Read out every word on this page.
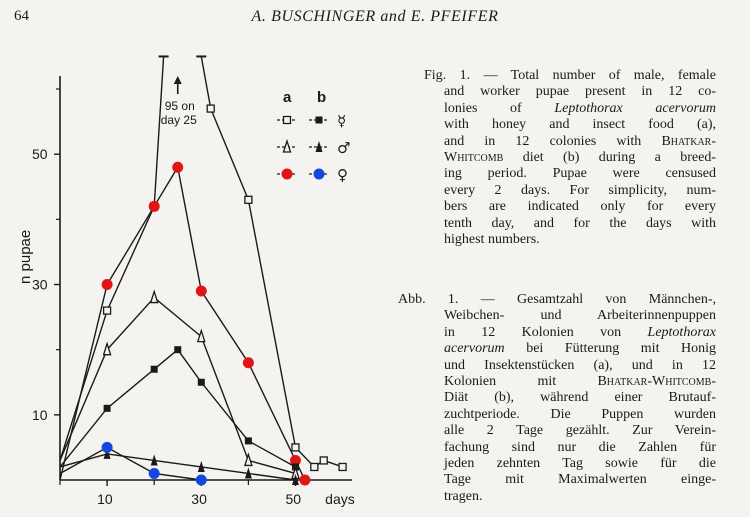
64	A. BUSCHINGER and E. PFEIFER
10
30
50
10	30	50 days
n pupae
95 on
day 25
a b
☿
♂
♀
Fig. 1. — Total number of male, female
and worker pupae present in 12 co-
lonies of Leptothorax acervorum
with honey and insect food (a),
and in 12 colonies with Bhatkar-
Whitcomb diet (b) during a breed-
ing period. Pupae were censused
every 2 days. For simplicity, num-
bers are indicated only for every
tenth day, and for the days with
highest numbers.
Abb. 1. — Gesamtzahl von Männchen-,
Weibchen- und Arbeiterinnenpuppen
in 12 Kolonien von Leptothorax
acervorum bei Fütterung mit Honig
und Insektenstücken (a), und in 12
Kolonien mit	Bhatkar-Whitcomb-
Diät (b), während einer Brutauf-
zuchtperiode. Die Puppen wurden
alle 2 Tage gezählt. Zur Verein-
fachung sind nur die Zahlen für
jeden zehnten Tag sowie für die
Tage mit Maximalwerten einge-
tragen.
